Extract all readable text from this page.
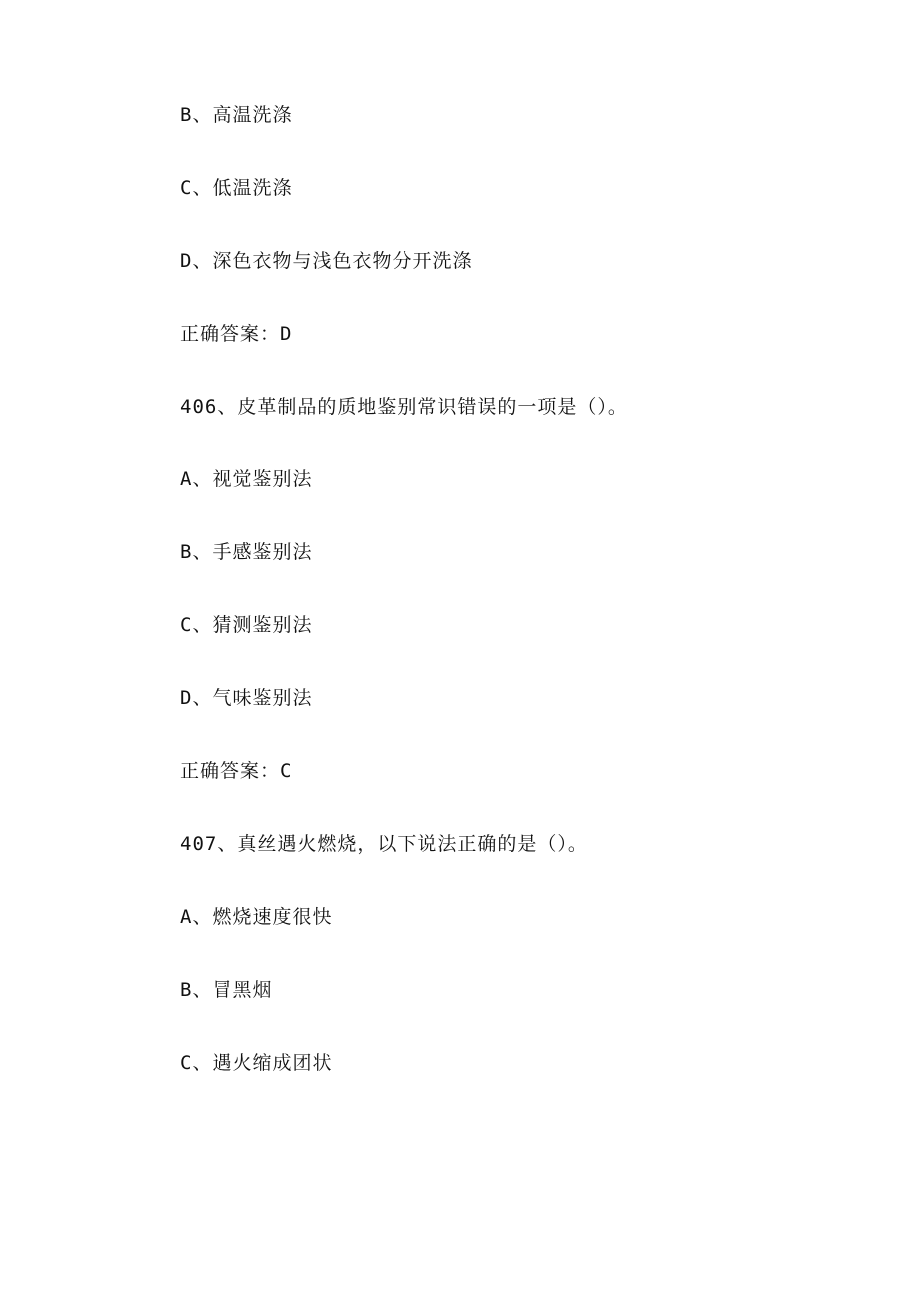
B、高温洗涤
C、低温洗涤
D、深色衣物与浅色衣物分开洗涤
正确答案：D
406、皮革制品的质地鉴别常识错误的一项是（）。
A、视觉鉴别法
B、手感鉴别法
C、猜测鉴别法
D、气味鉴别法
正确答案：C
407、真丝遇火燃烧，以下说法正确的是（）。
A、燃烧速度很快
B、冒黑烟
C、遇火缩成团状
